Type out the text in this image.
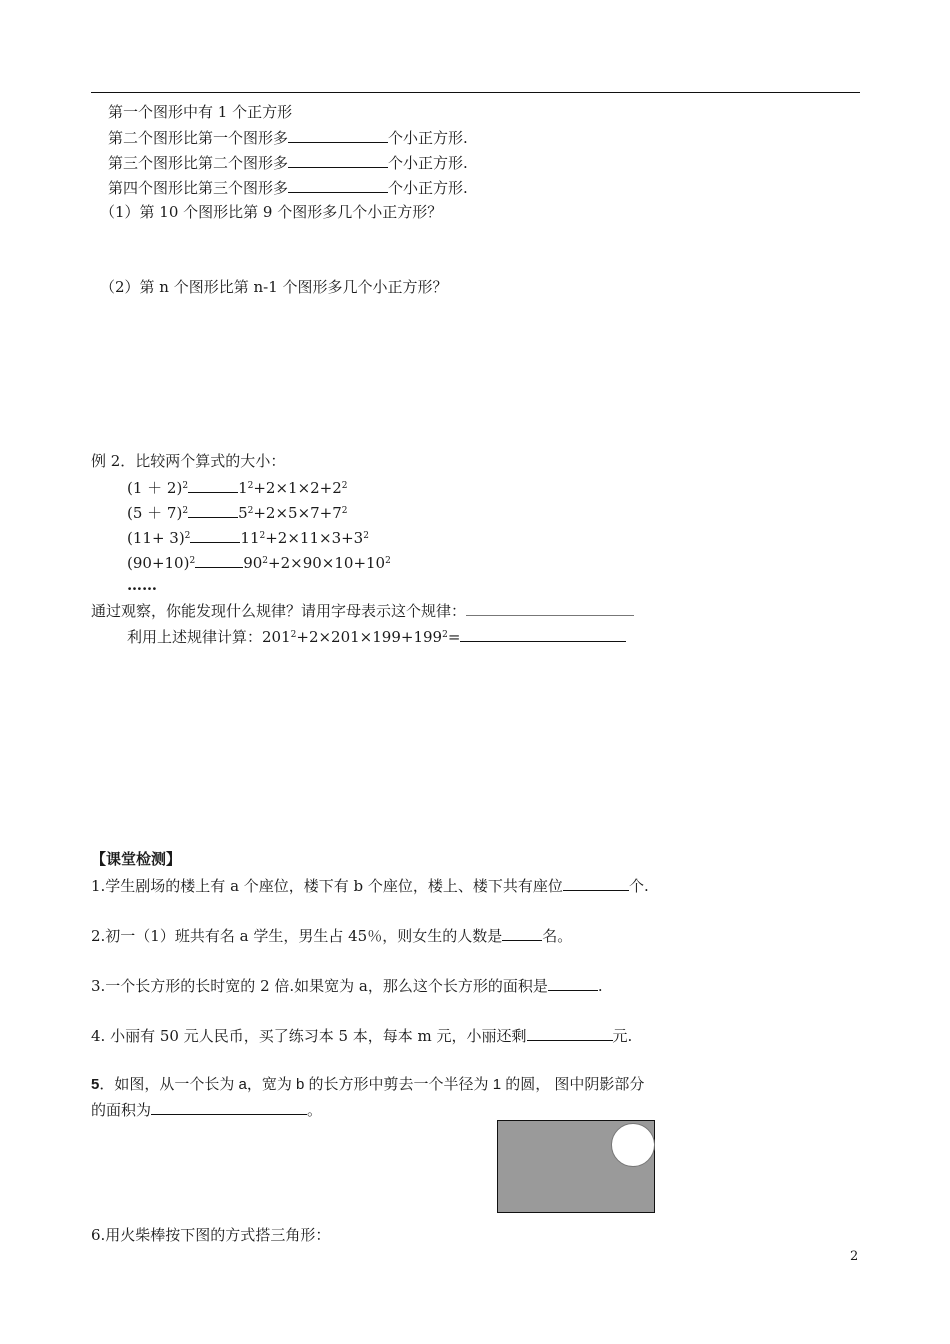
第一个图形中有 1 个正方形
第二个图形比第一个图形多	个小正方形.
第三个图形比第二个图形多	个小正方形.
第四个图形比第三个图形多	个小正方形.
（1）第 10 个图形比第 9 个图形多几个小正方形？
（2）第 n 个图形比第 n-1 个图形多几个小正方形？
例 2．比较两个算式的大小：
$(1 + 2)^2$	$1^2+2\times 1\times 2+2^2$
$(5 + 7)^2$	$5^2+2\times 5\times 7+7^2$
$(11+ 3)^2$	$11^2+2\times 11\times 3+3^2$
$(90+10)^2$	$90^2+2\times 90\times 10+10^2$
……
通过观察，你能发现什么规律？请用字母表示这个规律：
利用上述规律计算：$201^2+2\times 201\times 199+199^2=$
【课堂检测】
1.学生剧场的楼上有 a 个座位，楼下有 b 个座位，楼上、楼下共有座位	个.
2.初一（1）班共有名 a 学生，男生占 45％，则女生的人数是	名。
3.一个长方形的长时宽的 2 倍.如果宽为 a，那么这个长方形的面积是	.
4. 小丽有 50 元人民币，买了练习本 5 本，每本 m 元，小丽还剩	元.
5．如图，从一个长为 a，宽为 b 的长方形中剪去一个半径为 1 的圆， 图中阴影部分
的面积为	。
6.用火柴棒按下图的方式搭三角形：
2
